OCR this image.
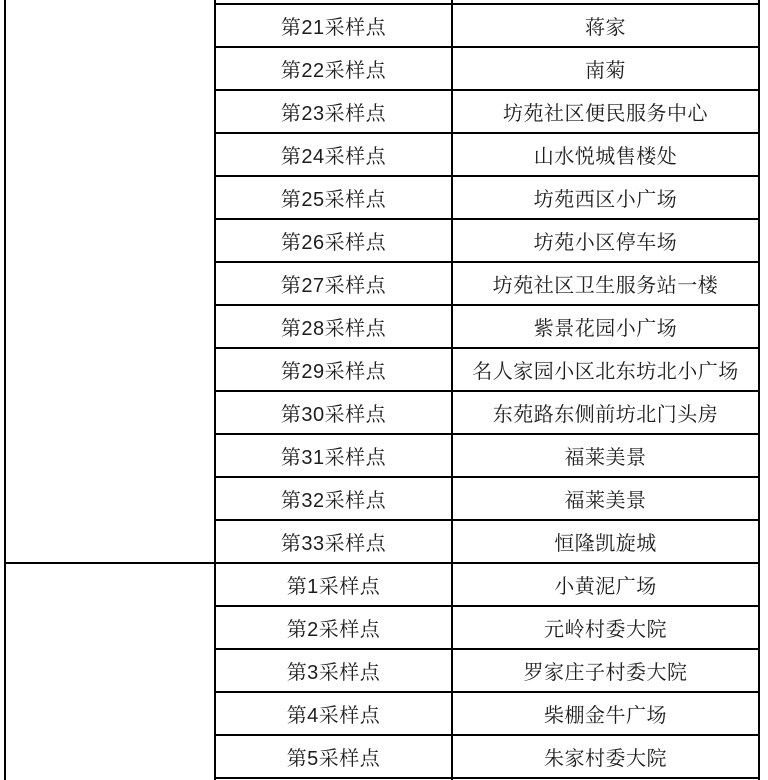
	第21采样点	蒋家
	第22采样点	南菊
	第23采样点	坊苑社区便民服务中心
	第24采样点	山水悦城售楼处
	第25采样点	坊苑西区小广场
	第26采样点	坊苑小区停车场
	第27采样点	坊苑社区卫生服务站一楼
	第28采样点	紫景花园小广场
	第29采样点	名人家园小区北东坊北小广场
	第30采样点	东苑路东侧前坊北门头房
	第31采样点	福莱美景
	第32采样点	福莱美景
	第33采样点	恒隆凯旋城
	第1采样点	小黄泥广场
	第2采样点	元岭村委大院
	第3采样点	罗家庄子村委大院
	第4采样点	柴棚金牛广场
	第5采样点	朱家村委大院
